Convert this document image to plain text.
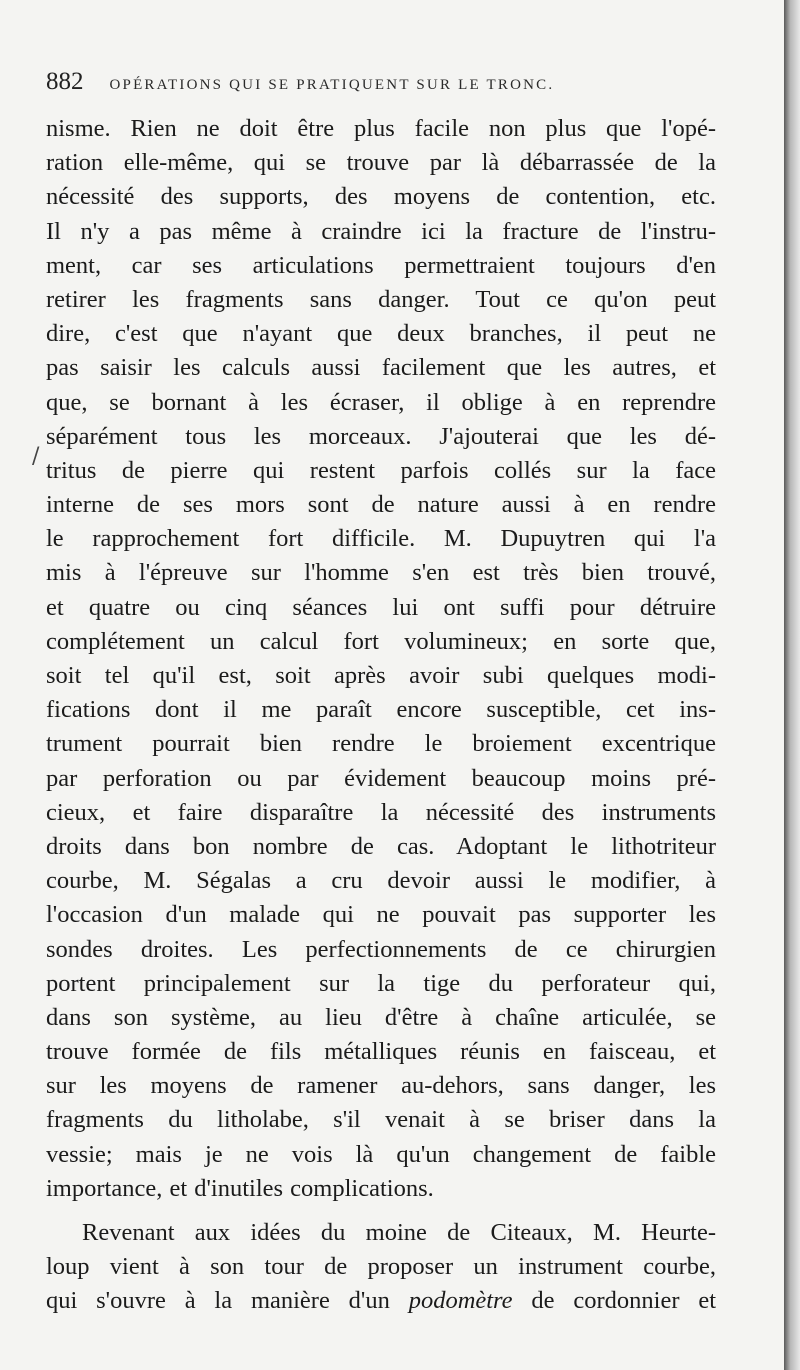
882 OPÉRATIONS QUI SE PRATIQUENT SUR LE TRONC.
/
nisme. Rien ne doit être plus facile non plus que l'opé-
ration elle-même, qui se trouve par là débarrassée de la
nécessité des supports, des moyens de contention, etc.
Il n'y a pas même à craindre ici la fracture de l'instru-
ment, car ses articulations permettraient toujours d'en
retirer les fragments sans danger. Tout ce qu'on peut
dire, c'est que n'ayant que deux branches, il peut ne
pas saisir les calculs aussi facilement que les autres, et
que, se bornant à les écraser, il oblige à en reprendre
séparément tous les morceaux. J'ajouterai que les dé-
tritus de pierre qui restent parfois collés sur la face
interne de ses mors sont de nature aussi à en rendre
le rapprochement fort difficile. M. Dupuytren qui l'a
mis à l'épreuve sur l'homme s'en est très bien trouvé,
et quatre ou cinq séances lui ont suffi pour détruire
complétement un calcul fort volumineux; en sorte que,
soit tel qu'il est, soit après avoir subi quelques modi-
fications dont il me paraît encore susceptible, cet ins-
trument pourrait bien rendre le broiement excentrique
par perforation ou par évidement beaucoup moins pré-
cieux, et faire disparaître la nécessité des instruments
droits dans bon nombre de cas. Adoptant le lithotriteur
courbe, M. Ségalas a cru devoir aussi le modifier, à
l'occasion d'un malade qui ne pouvait pas supporter les
sondes droites. Les perfectionnements de ce chirurgien
portent principalement sur la tige du perforateur qui,
dans son système, au lieu d'être à chaîne articulée, se
trouve formée de fils métalliques réunis en faisceau, et
sur les moyens de ramener au-dehors, sans danger, les
fragments du litholabe, s'il venait à se briser dans la
vessie; mais je ne vois là qu'un changement de faible
importance, et d'inutiles complications.
Revenant aux idées du moine de Citeaux, M. Heurte-
loup vient à son tour de proposer un instrument courbe,
qui s'ouvre à la manière d'un podomètre de cordonnier et
